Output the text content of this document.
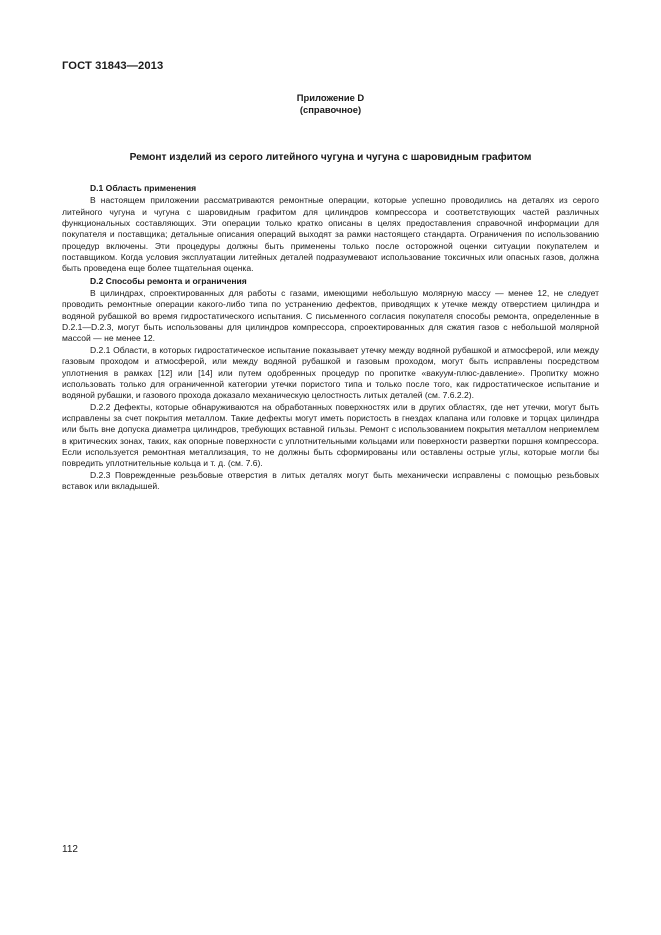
ГОСТ 31843—2013
Приложение D
(справочное)
Ремонт изделий из серого литейного чугуна и чугуна с шаровидным графитом

D.1 Область применения

В настоящем приложении рассматриваются ремонтные операции, которые успешно проводились на деталях из серого литейного чугуна и чугуна с шаровидным графитом для цилиндров компрессора и соответствующих частей различных функциональных составляющих. Эти операции только кратко описаны в целях предоставления справочной информации для покупателя и поставщика; детальные описания операций выходят за рамки настоящего стандарта. Ограничения по использованию процедур включены. Эти процедуры должны быть применены только после осторожной оценки ситуации покупателем и поставщиком. Когда условия эксплуатации литейных деталей подразумевают использование токсичных или опасных газов, должна быть проведена еще более тщательная оценка.

D.2 Способы ремонта и ограничения

В цилиндрах, спроектированных для работы с газами, имеющими небольшую молярную массу — менее 12, не следует проводить ремонтные операции какого-либо типа по устранению дефектов, приводящих к утечке между отверстием цилиндра и водяной рубашкой во время гидростатического испытания. С письменного согласия покупателя способы ремонта, определенные в D.2.1—D.2.3, могут быть использованы для цилиндров компрессора, спроектированных для сжатия газов с небольшой молярной массой — не менее 12.

D.2.1 Области, в которых гидростатическое испытание показывает утечку между водяной рубашкой и атмосферой, или между газовым проходом и атмосферой, или между водяной рубашкой и газовым проходом, могут быть исправлены посредством уплотнения в рамках [12] или [14] или путем одобренных процедур по пропитке «вакуум-плюс-давление». Пропитку можно использовать только для ограниченной категории утечки пористого типа и только после того, как гидростатическое испытание и водяной рубашки, и газового прохода доказало механическую целостность литых деталей (см. 7.6.2.2).

D.2.2 Дефекты, которые обнаруживаются на обработанных поверхностях или в других областях, где нет утечки, могут быть исправлены за счет покрытия металлом. Такие дефекты могут иметь пористость в гнездах клапана или головке и торцах цилиндра или быть вне допуска диаметра цилиндров, требующих вставной гильзы. Ремонт с использованием покрытия металлом неприемлем в критических зонах, таких, как опорные поверхности с уплотнительными кольцами или поверхности развертки поршня компрессора. Если используется ремонтная металлизация, то не должны быть сформированы или оставлены острые углы, которые могли бы повредить уплотнительные кольца и т. д. (см. 7.6).

D.2.3 Поврежденные резьбовые отверстия в литых деталях могут быть механически исправлены с помощью резьбовых вставок или вкладышей.

112
